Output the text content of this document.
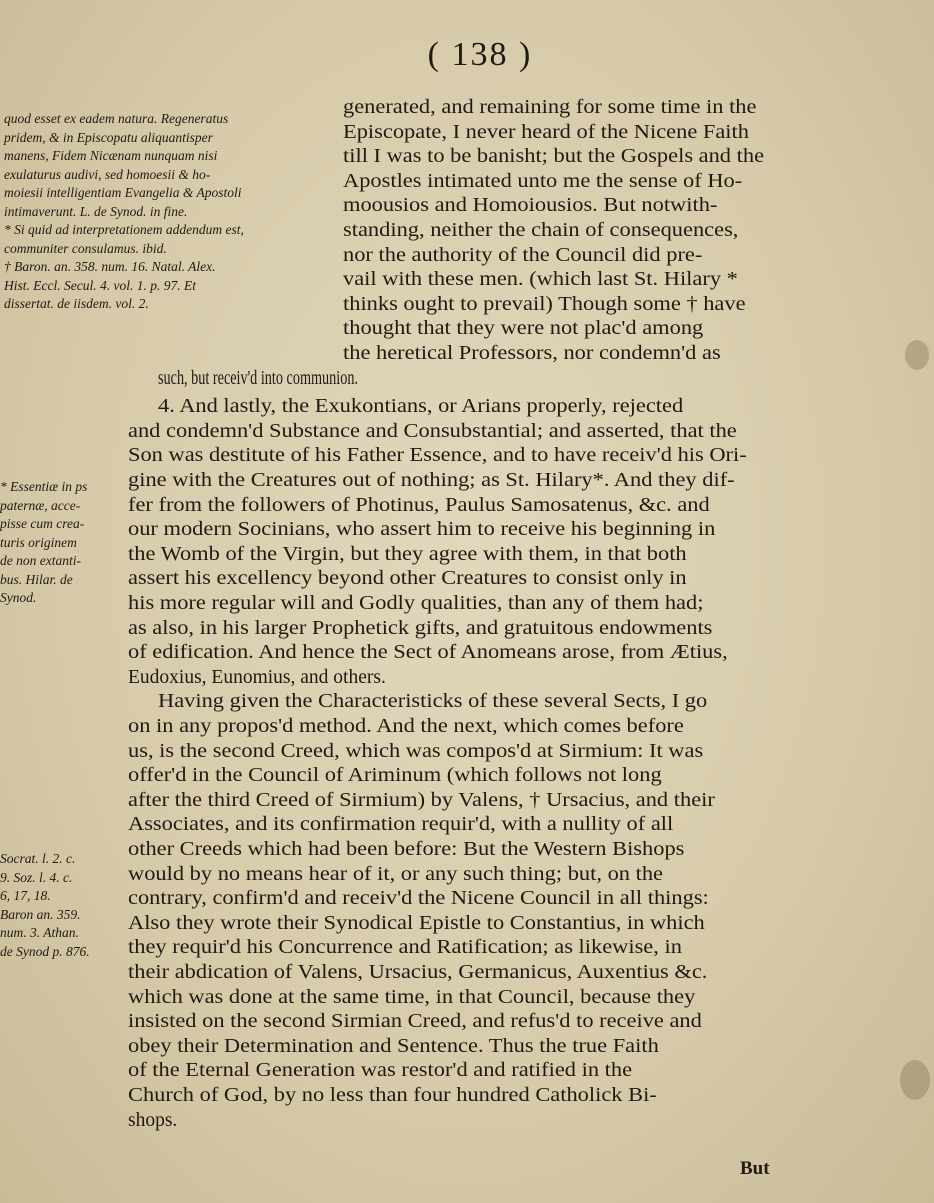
( 138 )
quod esset ex eadem natura. Regeneratus
pridem, & in Episcopatu aliquantisper
manens, Fidem Nicænam nunquam nisi
exulaturus audivi, sed homoesii & ho-
moiesii intelligentiam Evangelia & Apostoli
intimaverunt. L. de Synod. in fine.
* Si quid ad interpretationem addendum est,
communiter consulamus. ibid.
† Baron. an. 358. num. 16. Natal. Alex.
Hist. Eccl. Secul. 4. vol. 1. p. 97. Et
dissertat. de iisdem. vol. 2.
* Essentiæ in ps
paternæ, acce-
pisse cum crea-
turis originem
de non extanti-
bus. Hilar. de
Synod.
Socrat. l. 2. c.
9. Soz. l. 4. c.
6, 17, 18.
Baron an. 359.
num. 3. Athan.
de Synod p. 876.
generated, and remaining for some time in the
Episcopate, I never heard of the Nicene Faith
till I was to be banisht; but the Gospels and the
Apostles intimated unto me the sense of Ho-
moousios and Homoiousios. But notwith-
standing, neither the chain of consequences,
nor the authority of the Council did pre-
vail with these men. (which last St. Hilary *
thinks ought to prevail) Though some † have
thought that they were not plac'd among
the heretical Professors, nor condemn'd as
such, but receiv'd into communion.
4. And lastly, the Exukontians, or Arians properly, rejected
and condemn'd Substance and Consubstantial; and asserted, that the
Son was destitute of his Father Essence, and to have receiv'd his Ori-
gine with the Creatures out of nothing; as St. Hilary*. And they dif-
fer from the followers of Photinus, Paulus Samosatenus, &c. and
our modern Socinians, who assert him to receive his beginning in
the Womb of the Virgin, but they agree with them, in that both
assert his excellency beyond other Creatures to consist only in
his more regular will and Godly qualities, than any of them had;
as also, in his larger Prophetick gifts, and gratuitous endowments
of edification. And hence the Sect of Anomeans arose, from Ætius,
Eudoxius, Eunomius, and others.
Having given the Characteristicks of these several Sects, I go
on in any propos'd method. And the next, which comes before
us, is the second Creed, which was compos'd at Sirmium: It was
offer'd in the Council of Ariminum (which follows not long
after the third Creed of Sirmium) by Valens, † Ursacius, and their
Associates, and its confirmation requir'd, with a nullity of all
other Creeds which had been before: But the Western Bishops
would by no means hear of it, or any such thing; but, on the
contrary, confirm'd and receiv'd the Nicene Council in all things:
Also they wrote their Synodical Epistle to Constantius, in which
they requir'd his Concurrence and Ratification; as likewise, in
their abdication of Valens, Ursacius, Germanicus, Auxentius &c.
which was done at the same time, in that Council, because they
insisted on the second Sirmian Creed, and refus'd to receive and
obey their Determination and Sentence. Thus the true Faith
of the Eternal Generation was restor'd and ratified in the
Church of God, by no less than four hundred Catholick Bi-
shops.
But
